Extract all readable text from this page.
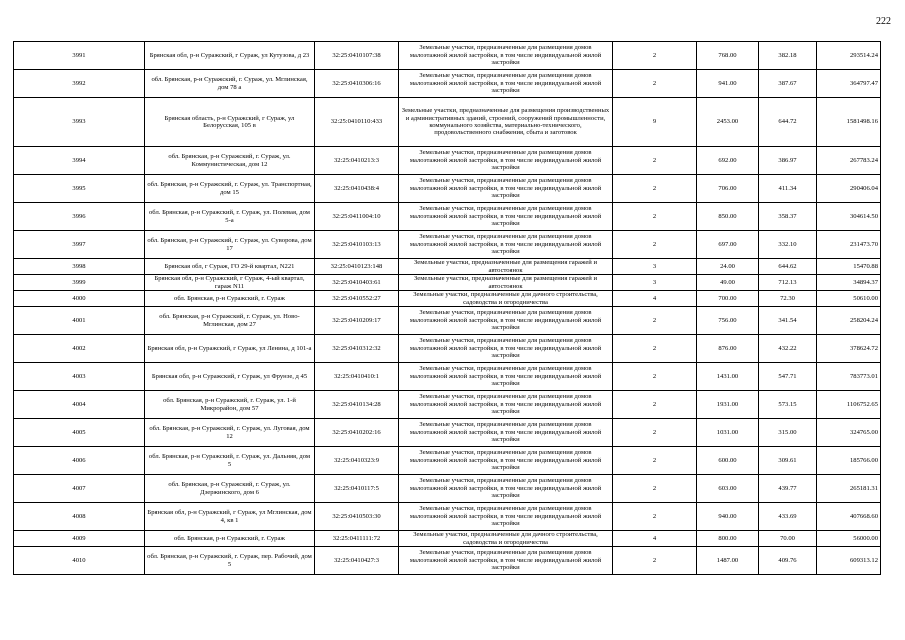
222
3991	Брянская обл, р-н Суражский, г Сураж, ул Кутузова, д 23	32:25:0410107:38	Земельные участки, предназначенные для размещения домов малоэтажной жилой застройки, в том числе индивидуальной жилой застройки	2	768.00	382.18	293514.24
3992	обл. Брянская, р-н Суражский, г. Сураж, ул. Мглинская, дом 78 а	32:25:0410306:16	Земельные участки, предназначенные для размещения домов малоэтажной жилой застройки, в том числе индивидуальной жилой застройки	2	941.00	387.67	364797.47
3993	Брянская область, р-н Суражский, г Сураж, ул Белорусская, 105 в	32:25:0410110:433	Земельные участки, предназначенные для размещения производственных и административных зданий, строений, сооружений промышленности, коммунального хозяйства, материально-технического, продовольственного снабжения, сбыта и заготовок	9	2453.00	644.72	1581498.16
3994	обл. Брянская, р-н Суражский, г. Сураж, ул. Коммунистическая, дом 12	32:25:0410213:3	Земельные участки, предназначенные для размещения домов малоэтажной жилой застройки, в том числе индивидуальной жилой застройки	2	692.00	386.97	267783.24
3995	обл. Брянская, р-н Суражский, г. Сураж, ул. Транспортная, дом 15	32:25:0410438:4	Земельные участки, предназначенные для размещения домов малоэтажной жилой застройки, в том числе индивидуальной жилой застройки	2	706.00	411.34	290406.04
3996	обл. Брянская, р-н Суражский, г. Сураж, ул. Полевая, дом 5-а	32:25:0411004:10	Земельные участки, предназначенные для размещения домов малоэтажной жилой застройки, в том числе индивидуальной жилой застройки	2	850.00	358.37	304614.50
3997	обл. Брянская, р-н Суражский, г. Сураж, ул. Суворова, дом 17	32:25:0410103:13	Земельные участки, предназначенные для размещения домов малоэтажной жилой застройки, в том числе индивидуальной жилой застройки	2	697.00	332.10	231473.70
3998	Брянская обл, г Сураж, ГО 29-й квартал, N221	32:25:0410123:148	Земельные участки, предназначенные для размещения гаражей и автостоянок	3	24.00	644.62	15470.88
3999	Брянская обл, р-н Суражский, г Сураж, 4-ый квартал, гараж N11	32:25:0410403:61	Земельные участки, предназначенные для размещения гаражей и автостоянок	3	49.00	712.13	34894.37
4000	обл. Брянская, р-н Суражский, г. Сураж	32:25:0410552:27	Земельные участки, предназначенные для дачного строительства, садоводства и огородничества	4	700.00	72.30	50610.00
4001	обл. Брянская, р-н Суражский, г. Сураж, ул. Ново-Мглинская, дом 27	32:25:0410209:17	Земельные участки, предназначенные для размещения домов малоэтажной жилой застройки, в том числе индивидуальной жилой застройки	2	756.00	341.54	258204.24
4002	Брянская обл, р-н Суражский, г Сураж, ул Ленина, д 101-а	32:25:0410312:32	Земельные участки, предназначенные для размещения домов малоэтажной жилой застройки, в том числе индивидуальной жилой застройки	2	876.00	432.22	378624.72
4003	Брянская обл, р-н Суражский, г Сураж, ул Фрунзе, д 45	32:25:0410410:1	Земельные участки, предназначенные для размещения домов малоэтажной жилой застройки, в том числе индивидуальной жилой застройки	2	1431.00	547.71	783773.01
4004	обл. Брянская, р-н Суражский, г. Сураж, ул. 1-й Микрорайон, дом 57	32:25:0410134:28	Земельные участки, предназначенные для размещения домов малоэтажной жилой застройки, в том числе индивидуальной жилой застройки	2	1931.00	573.15	1106752.65
4005	обл. Брянская, р-н Суражский, г. Сураж, ул. Луговая, дом 12	32:25:0410202:16	Земельные участки, предназначенные для размещения домов малоэтажной жилой застройки, в том числе индивидуальной жилой застройки	2	1031.00	315.00	324765.00
4006	обл. Брянская, р-н Суражский, г. Сураж, ул. Дальняя, дом 5	32:25:0410323:9	Земельные участки, предназначенные для размещения домов малоэтажной жилой застройки, в том числе индивидуальной жилой застройки	2	600.00	309.61	185766.00
4007	обл. Брянская, р-н Суражский, г. Сураж, ул. Дзержинского, дом 6	32:25:0410117:5	Земельные участки, предназначенные для размещения домов малоэтажной жилой застройки, в том числе индивидуальной жилой застройки	2	603.00	439.77	265181.31
4008	Брянская обл, р-н Суражский, г Сураж, ул Мглинская, дом 4, кв 1	32:25:0410503:30	Земельные участки, предназначенные для размещения домов малоэтажной жилой застройки, в том числе индивидуальной жилой застройки	2	940.00	433.69	407668.60
4009	обл. Брянская, р-н Суражский, г. Сураж	32:25:0411111:72	Земельные участки, предназначенные для дачного строительства, садоводства и огородничества	4	800.00	70.00	56000.00
4010	обл. Брянская, р-н Суражский, г. Сураж, пер. Рабочий, дом 5	32:25:0410427:3	Земельные участки, предназначенные для размещения домов малоэтажной жилой застройки, в том числе индивидуальной жилой застройки	2	1487.00	409.76	609313.12
